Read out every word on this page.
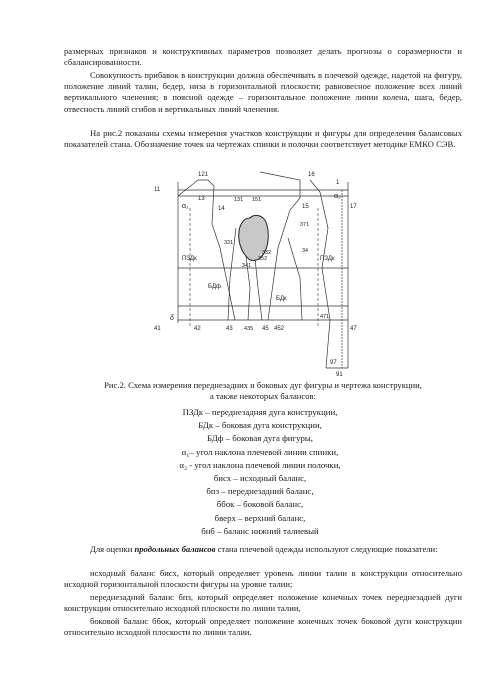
размерных признаков и конструктивных параметров позволяет делать прогнозы о соразмерности и сбалансированности.

Совокупность прибавок в конструкции должна обеспечивать в плечевой одежде, надетой на фигуру, положение линий талии, бедер, низа в горизонтальной плоскости; равновесное положение всех линий вертикального членения; в поясной одежде – горизонтальное положение линии колена, шага, бедер, отвесность линий сгибов и вертикальных линий членения.

На рис.2 показаны схемы измерения участков конструкции и фигуры для определения балансовых показателей стана. Обозначение точек на чертежах спинки и полочки соответствует методике ЕМКО СЭВ.

11
121	16
1
17
13
14	15
131 151
331
371
34
332
352
341
ПЗДк	ПЗДк
БДф
БДк
41	42	43	45 452	47
435
471
97
91
α₁
α₂
δ

Рис.2. Схема измерения переднезадних и боковых дуг фигуры и чертежа конструкции,
а также некоторых балансов:

ПЗДк – переднезадняя дуга конструкции,
БДк – боковая дуга конструкции,
БДф – боковая дуга фигуры,
α₁– угол наклона плечевой линии спинки,
α₂ - угол наклона плечевой линии полочки,
бисх – исходный баланс,
бпз – переднезадний баланс,
ббок – боковой баланс,
бверх – верхний баланс,
бнб – баланс нижний талиевый

Для оценки продольных балансов стана плечевой одежды используют следующие показатели:

исходный баланс бисх, который определяет уровень линии талии в конструкции относительно исходной горизонтальной плоскости фигуры на уровне талии;

переднезадний баланс бпз, который определяет положение конечных точек переднезадней дуги конструкции относительно исходной плоскости по линии талии,

боковой баланс ббок, который определяет положение конечных точек боковой дуги конструкции относительно исходной плоскости по линии талии.
